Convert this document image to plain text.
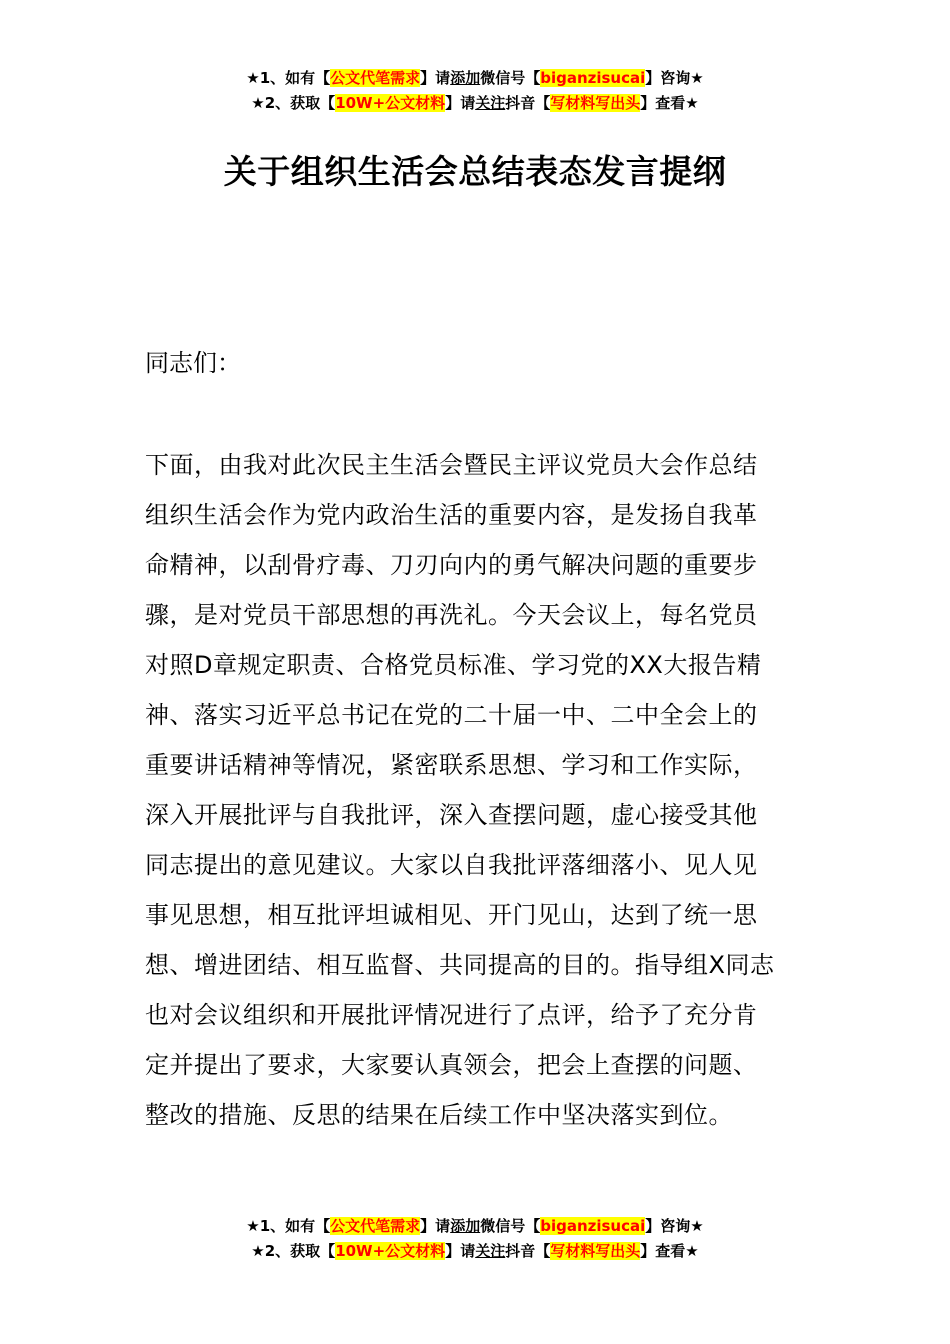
★1、如有【公文代笔需求】请添加微信号【biganzisucai】咨询★
★2、获取【10W+公文材料】请关注抖音【写材料写出头】查看★
关于组织生活会总结表态发言提纲
同志们：
下面，由我对此次民主生活会暨民主评议党员大会作总结
组织生活会作为党内政治生活的重要内容，是发扬自我革
命精神，以刮骨疗毒、刀刃向内的勇气解决问题的重要步
骤，是对党员干部思想的再洗礼。今天会议上，每名党员
对照D章规定职责、合格党员标准、学习党的XX大报告精
神、落实习近平总书记在党的二十届一中、二中全会上的
重要讲话精神等情况，紧密联系思想、学习和工作实际，
深入开展批评与自我批评，深入查摆问题，虚心接受其他
同志提出的意见建议。大家以自我批评落细落小、见人见
事见思想，相互批评坦诚相见、开门见山，达到了统一思
想、增进团结、相互监督、共同提高的目的。指导组X同志
也对会议组织和开展批评情况进行了点评，给予了充分肯
定并提出了要求，大家要认真领会，把会上查摆的问题、
整改的措施、反思的结果在后续工作中坚决落实到位。
★1、如有【公文代笔需求】请添加微信号【biganzisucai】咨询★
★2、获取【10W+公文材料】请关注抖音【写材料写出头】查看★
